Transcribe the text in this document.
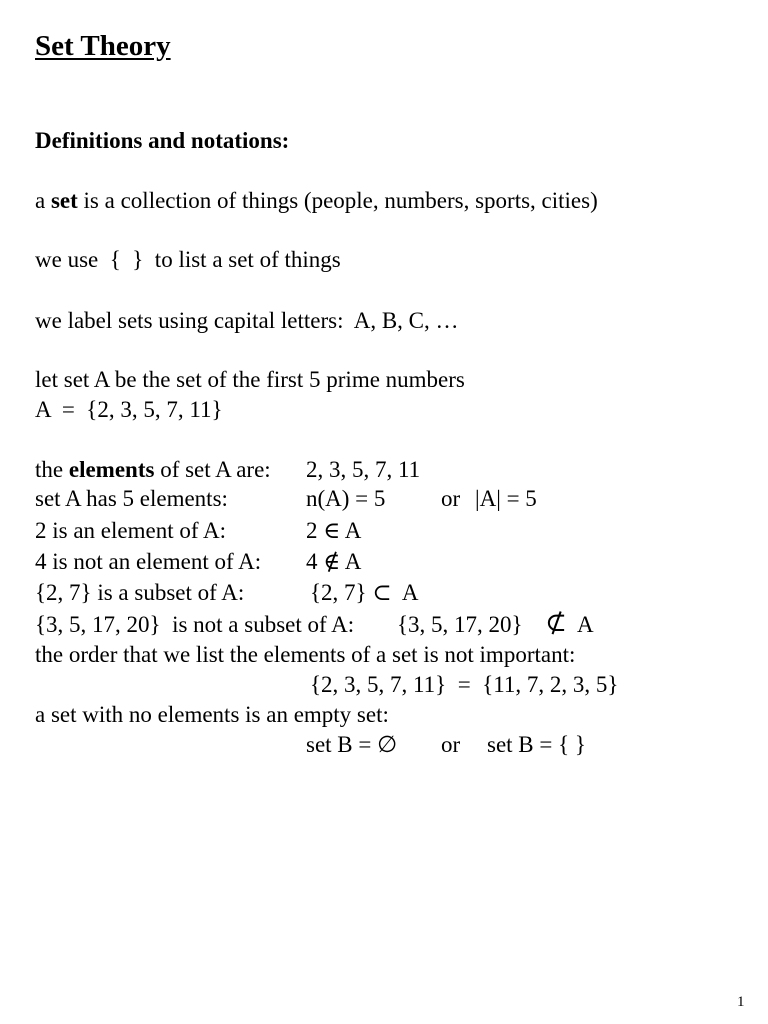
Set Theory
Definitions and notations:
a set is a collection of things (people, numbers, sports, cities)
we use  {  }  to list a set of things
we label sets using capital letters:  A, B, C, …
let set A be the set of the first 5 prime numbers
A  =  {2, 3, 5, 7, 11}
the elements of set A are: 2, 3, 5, 7, 11
set A has 5 elements:	n(A) = 5 or |A| = 5
2 is an element of A:	2 ∈ A
4 is not an element of A: 4 ∉ A
{2, 7} is a subset of A:	{2, 7} ⊂  A
{3, 5, 17, 20}  is not a subset of A: {3, 5, 17, 20} ⊄ A
the order that we list the elements of a set is not important:
{2, 3, 5, 7, 11}  =  {11, 7, 2, 3, 5}
a set with no elements is an empty set:
set B = ∅ or set B = { }
1
